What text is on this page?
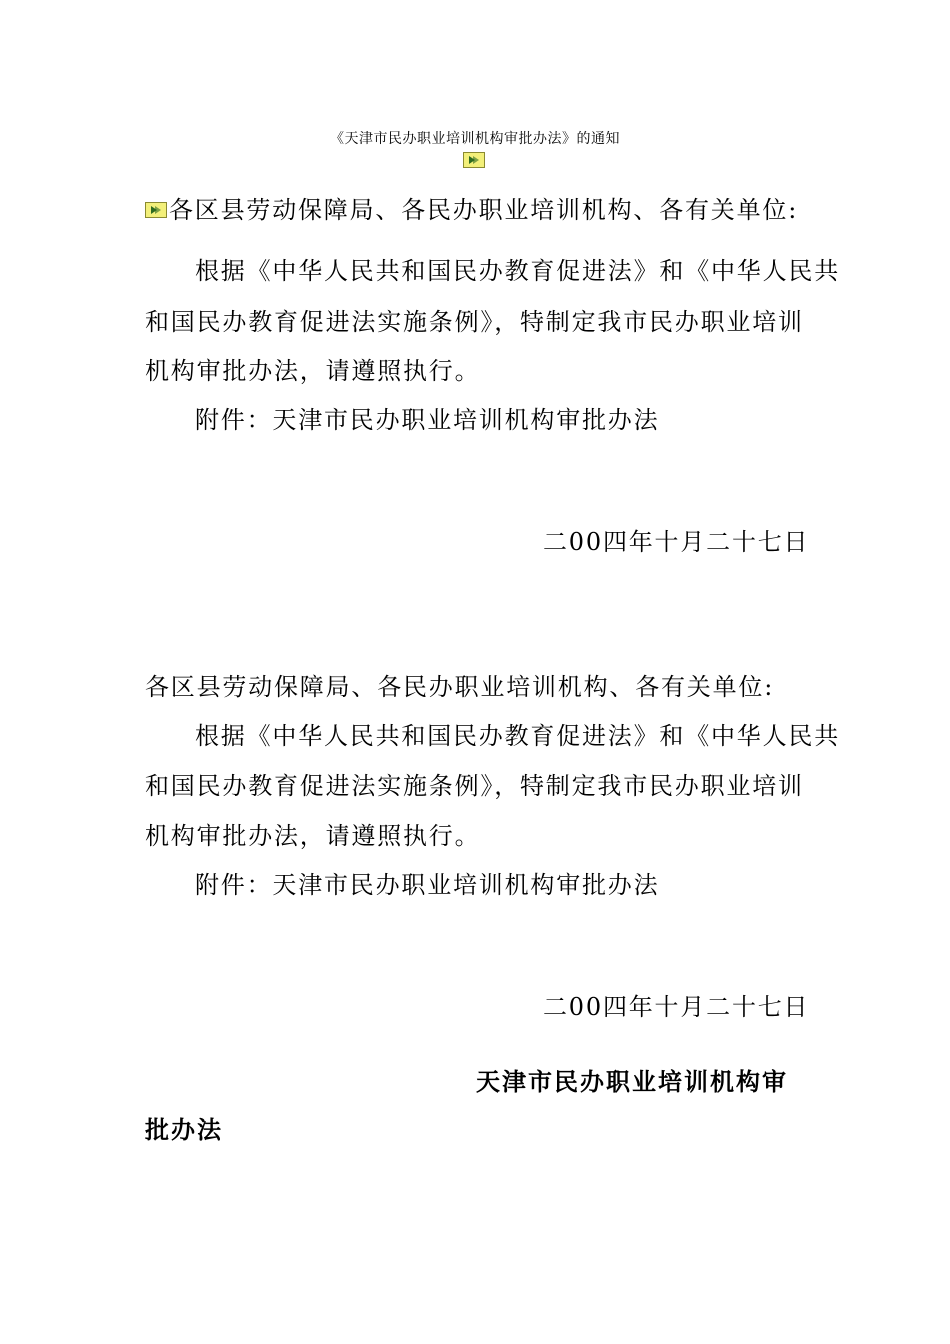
《天津市民办职业培训机构审批办法》的通知
各区县劳动保障局、各民办职业培训机构、各有关单位:
根据《中华人民共和国民办教育促进法》和《中华人民共
和国民办教育促进法实施条例》，特制定我市民办职业培训
机构审批办法，请遵照执行。
附件：天津市民办职业培训机构审批办法
二00四年十月二十七日
各区县劳动保障局、各民办职业培训机构、各有关单位:
根据《中华人民共和国民办教育促进法》和《中华人民共
和国民办教育促进法实施条例》，特制定我市民办职业培训
机构审批办法，请遵照执行。
附件：天津市民办职业培训机构审批办法
二00四年十月二十七日
天津市民办职业培训机构审
批办法
